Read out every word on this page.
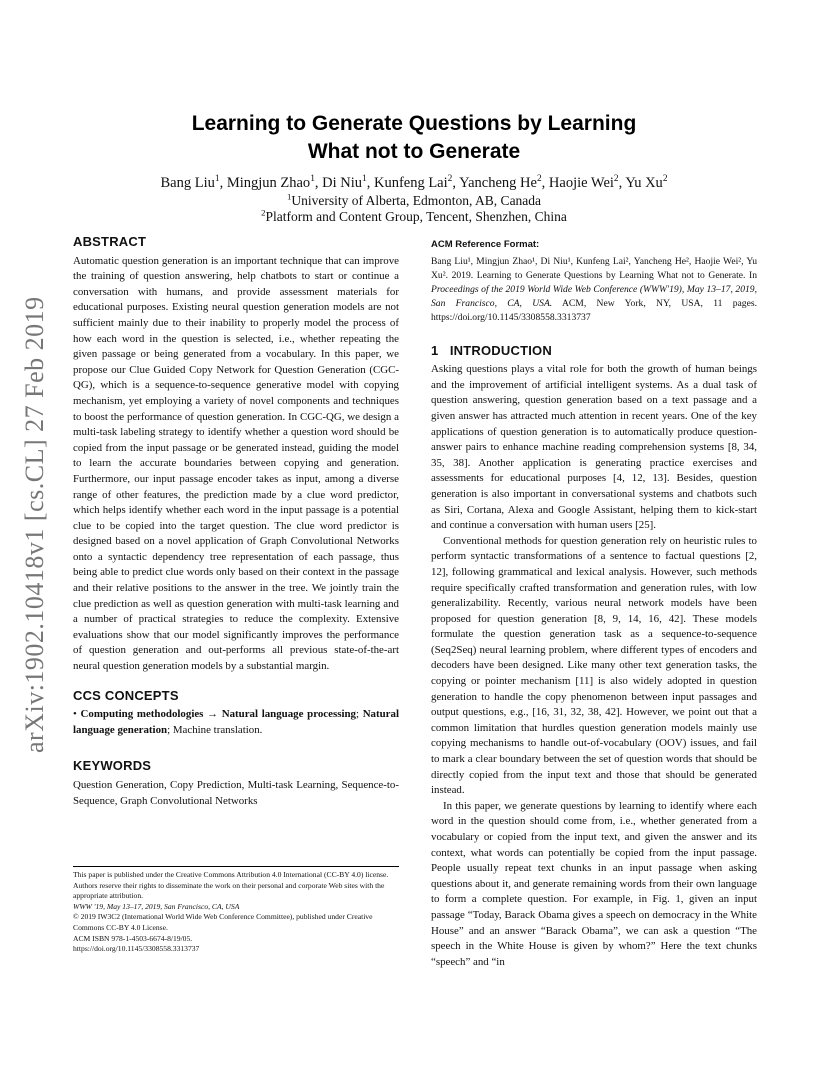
arXiv:1902.10418v1 [cs.CL] 27 Feb 2019
Learning to Generate Questions by Learning
What not to Generate
Bang Liu$^1$, Mingjun Zhao$^1$, Di Niu$^1$, Kunfeng Lai$^2$, Yancheng He$^2$, Haojie Wei$^2$, Yu Xu$^2$
$^1$University of Alberta, Edmonton, AB, Canada
$^2$Platform and Content Group, Tencent, Shenzhen, China
ABSTRACT

Automatic question generation is an important technique that can improve the training of question answering, help chatbots to start or continue a conversation with humans, and provide assessment materials for educational purposes. Existing neural question generation models are not sufficient mainly due to their inability to properly model the process of how each word in the question is selected, i.e., whether repeating the given passage or being generated from a vocabulary. In this paper, we propose our Clue Guided Copy Network for Question Generation (CGC-QG), which is a sequence-to-sequence generative model with copying mechanism, yet employing a variety of novel components and techniques to boost the performance of question generation. In CGC-QG, we design a multi-task labeling strategy to identify whether a question word should be copied from the input passage or be generated instead, guiding the model to learn the accurate boundaries between copying and generation. Furthermore, our input passage encoder takes as input, among a diverse range of other features, the prediction made by a clue word predictor, which helps identify whether each word in the input passage is a potential clue to be copied into the target question. The clue word predictor is designed based on a novel application of Graph Convolutional Networks onto a syntactic dependency tree representation of each passage, thus being able to predict clue words only based on their context in the passage and their relative positions to the answer in the tree. We jointly train the clue prediction as well as question generation with multi-task learning and a number of practical strategies to reduce the complexity. Extensive evaluations show that our model significantly improves the performance of question generation and out-performs all previous state-of-the-art neural question generation models by a substantial margin.

CCS CONCEPTS

• Computing methodologies → Natural language processing; Natural language generation; Machine translation.

KEYWORDS

Question Generation, Copy Prediction, Multi-task Learning, Sequence-to-Sequence, Graph Convolutional Networks

This paper is published under the Creative Commons Attribution 4.0 International (CC-BY 4.0) license. Authors reserve their rights to disseminate the work on their personal and corporate Web sites with the appropriate attribution.

WWW '19, May 13–17, 2019, San Francisco, CA, USA

© 2019 IW3C2 (International World Wide Web Conference Committee), published under Creative Commons CC-BY 4.0 License.

ACM ISBN 978-1-4503-6674-8/19/05.

https://doi.org/10.1145/3308558.3313737

ACM Reference Format:

Bang Liu¹, Mingjun Zhao¹, Di Niu¹, Kunfeng Lai², Yancheng He², Haojie Wei², Yu Xu². 2019. Learning to Generate Questions by Learning What not to Generate. In Proceedings of the 2019 World Wide Web Conference (WWW'19), May 13–17, 2019, San Francisco, CA, USA. ACM, New York, NY, USA, 11 pages. https://doi.org/10.1145/3308558.3313737

1   INTRODUCTION

Asking questions plays a vital role for both the growth of human beings and the improvement of artificial intelligent systems. As a dual task of question answering, question generation based on a text passage and a given answer has attracted much attention in recent years. One of the key applications of question generation is to automatically produce question-answer pairs to enhance machine reading comprehension systems [8, 34, 35, 38]. Another application is generating practice exercises and assessments for educational purposes [4, 12, 13]. Besides, question generation is also important in conversational systems and chatbots such as Siri, Cortana, Alexa and Google Assistant, helping them to kick-start and continue a conversation with human users [25].

Conventional methods for question generation rely on heuristic rules to perform syntactic transformations of a sentence to factual questions [2, 12], following grammatical and lexical analysis. However, such methods require specifically crafted transformation and generation rules, with low generalizability. Recently, various neural network models have been proposed for question generation [8, 9, 14, 16, 42]. These models formulate the question generation task as a sequence-to-sequence (Seq2Seq) neural learning problem, where different types of encoders and decoders have been designed. Like many other text generation tasks, the copying or pointer mechanism [11] is also widely adopted in question generation to handle the copy phenomenon between input passages and output questions, e.g., [16, 31, 32, 38, 42]. However, we point out that a common limitation that hurdles question generation models mainly use copying mechanisms to handle out-of-vocabulary (OOV) issues, and fail to mark a clear boundary between the set of question words that should be directly copied from the input text and those that should be generated instead.

In this paper, we generate questions by learning to identify where each word in the question should come from, i.e., whether generated from a vocabulary or copied from the input text, and given the answer and its context, what words can potentially be copied from the input passage. People usually repeat text chunks in an input passage when asking questions about it, and generate remaining words from their own language to form a complete question. For example, in Fig. 1, given an input passage “Today, Barack Obama gives a speech on democracy in the White House” and an answer “Barack Obama”, we can ask a question “The speech in the White House is given by whom?” Here the text chunks “speech” and “in
